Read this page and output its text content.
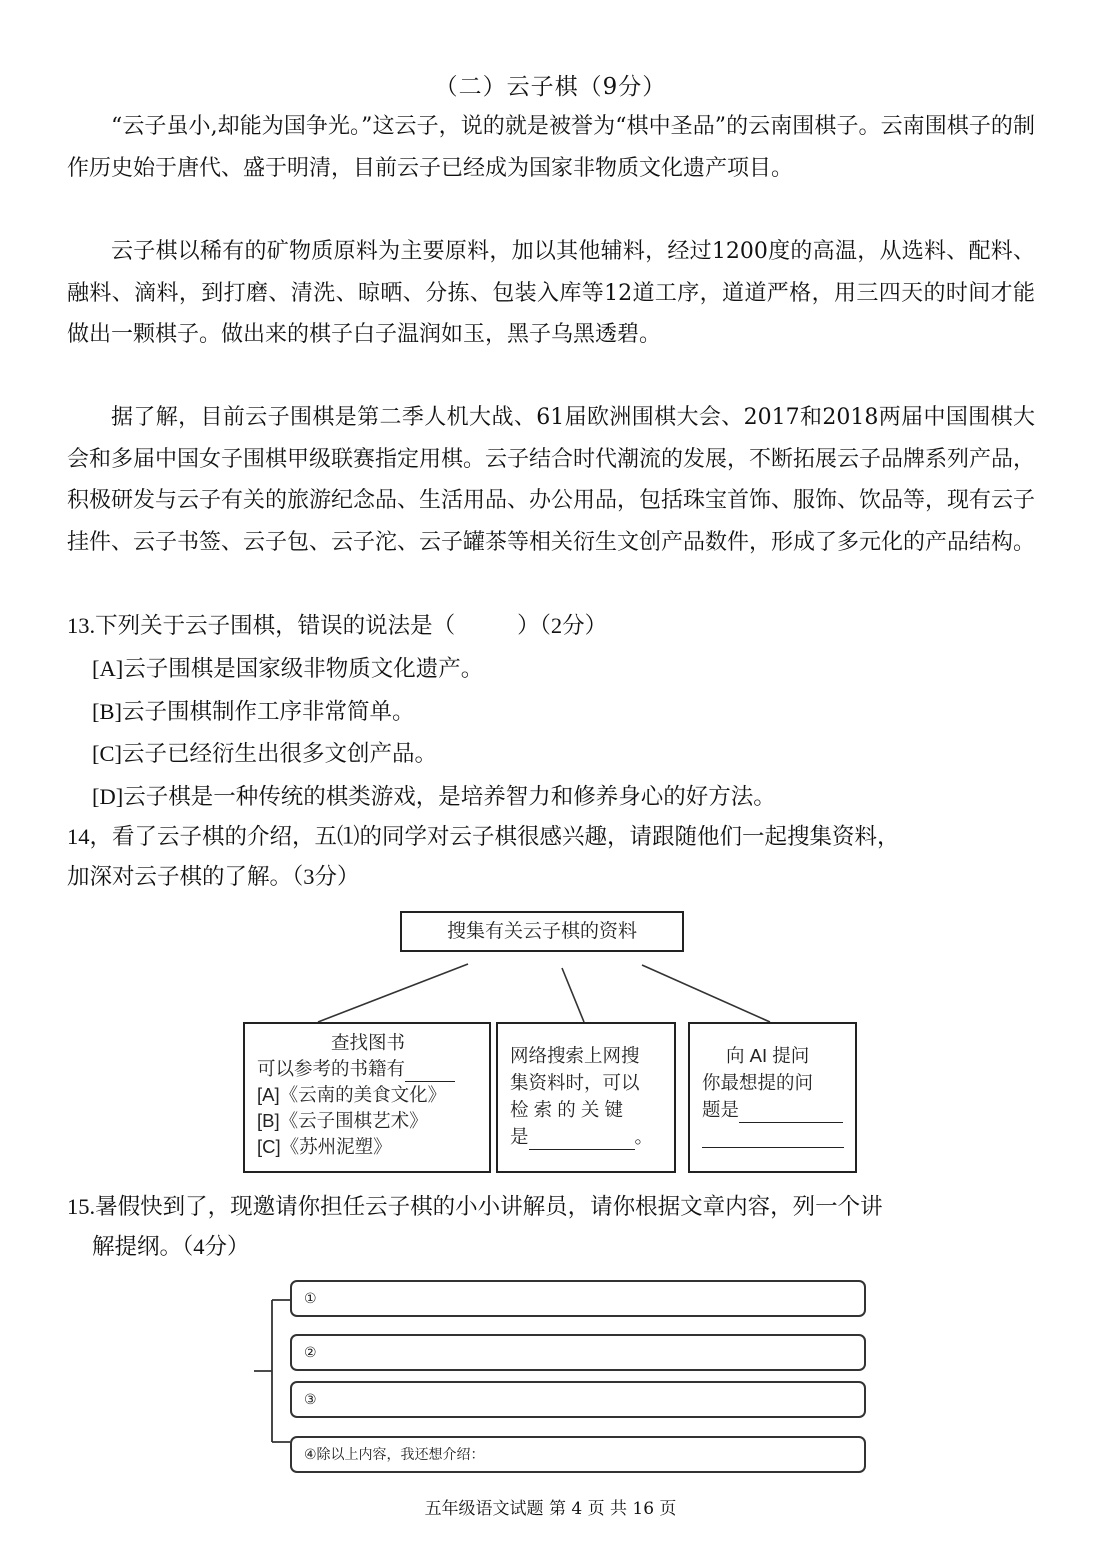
（二）云子棋（9分）
“云子虽小,却能为国争光。”这云子，说的就是被誉为“棋中圣品”的云南围棋子。云南围棋子的制作历史始于唐代、盛于明清，目前云子已经成为国家非物质文化遗产项目。
云子棋以稀有的矿物质原料为主要原料，加以其他辅料，经过1200度的高温，从选料、配料、融料、滴料，到打磨、清洗、晾晒、分拣、包装入库等12道工序，道道严格，用三四天的时间才能做出一颗棋子。做出来的棋子白子温润如玉，黑子乌黑透碧。
据了解，目前云子围棋是第二季人机大战、61届欧洲围棋大会、2017和2018两届中国围棋大会和多届中国女子围棋甲级联赛指定用棋。云子结合时代潮流的发展，不断拓展云子品牌系列产品，积极研发与云子有关的旅游纪念品、生活用品、办公用品，包括珠宝首饰、服饰、饮品等，现有云子挂件、云子书签、云子包、云子沱、云子罐茶等相关衍生文创产品数件，形成了多元化的产品结构。
13.下列关于云子围棋，错误的说法是（	）（2分）
[A]云子围棋是国家级非物质文化遗产。
[B]云子围棋制作工序非常简单。
[C]云子已经衍生出很多文创产品。
[D]云子棋是一种传统的棋类游戏，是培养智力和修养身心的好方法。
14，看了云子棋的介绍，五⑴的同学对云子棋很感兴趣，请跟随他们一起搜集资料，
加深对云子棋的了解。（3分）
搜集有关云子棋的资料
查找图书
可以参考的书籍有
[A]《云南的美食文化》
[B]《云子围棋艺术》
[C]《苏州泥塑》
网络搜索上网搜
集资料时，可以
检 索 的 关 键
是	。
向 AI 提问
你最想提的问
题是
15.暑假快到了，现邀请你担任云子棋的小小讲解员，请你根据文章内容，列一个讲
解提纲。（4分）
①
②
③
④除以上内容，我还想介绍：
五年级语文试题 第 4 页 共 16 页
